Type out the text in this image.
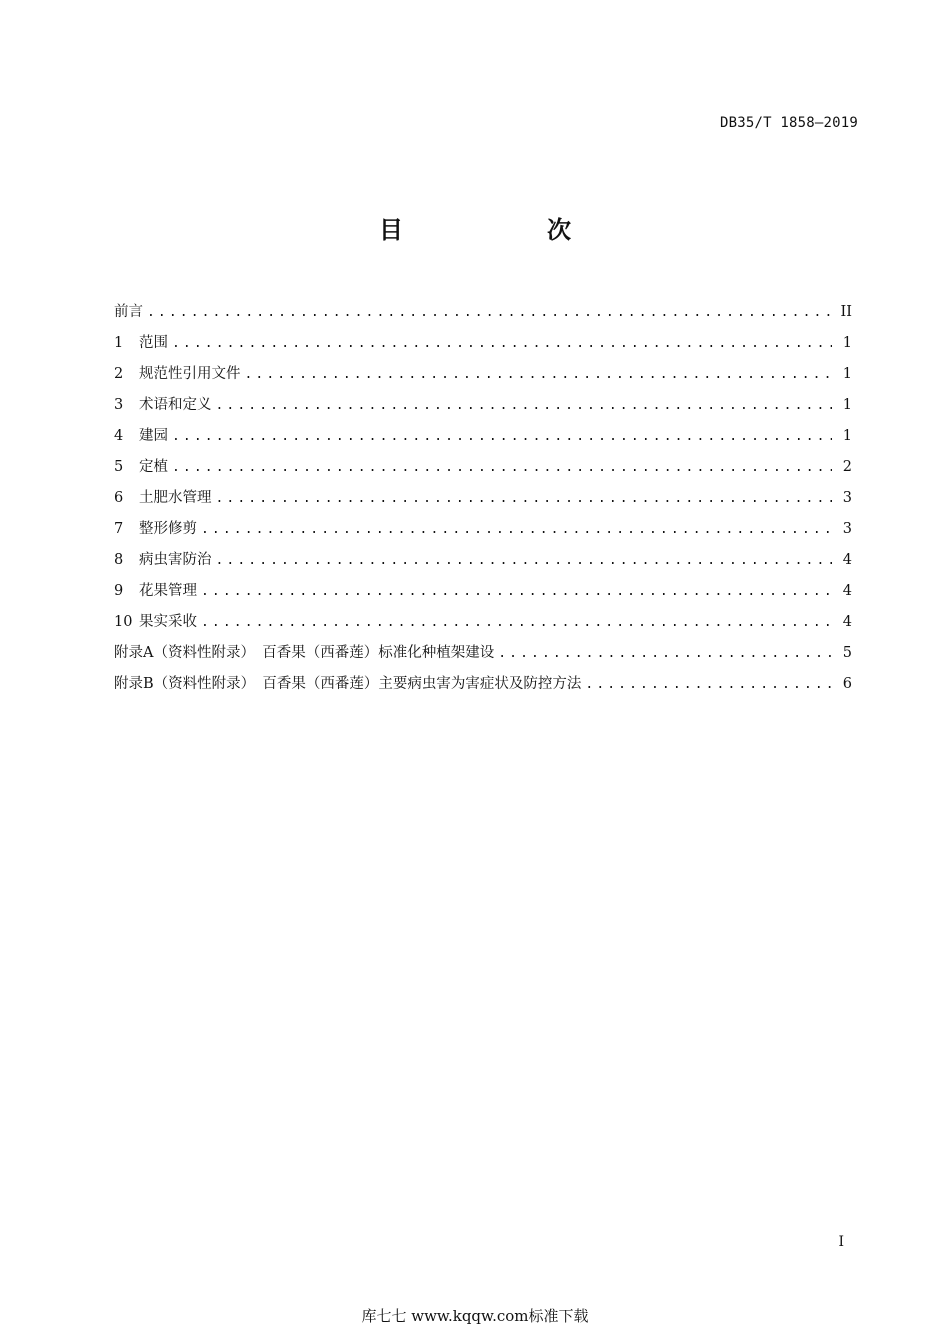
DB35/T 1858—2019
目　次
前言 .....	II
1 范围 .....	1
2 规范性引用文件 .....	1
3 术语和定义 .....	1
4 建园 .....	1
5 定植 .....	2
6 土肥水管理 .....	3
7 整形修剪 .....	3
8 病虫害防治 .....	4
9 花果管理 .....	4
10 果实采收 .....	4
附录A（资料性附录）　百香果（西番莲）标准化种植架建设 .....	5
附录B（资料性附录）　百香果（西番莲）主要病虫害为害症状及防控方法 .....	6
I
库七七 www.kqqw.com标准下载
